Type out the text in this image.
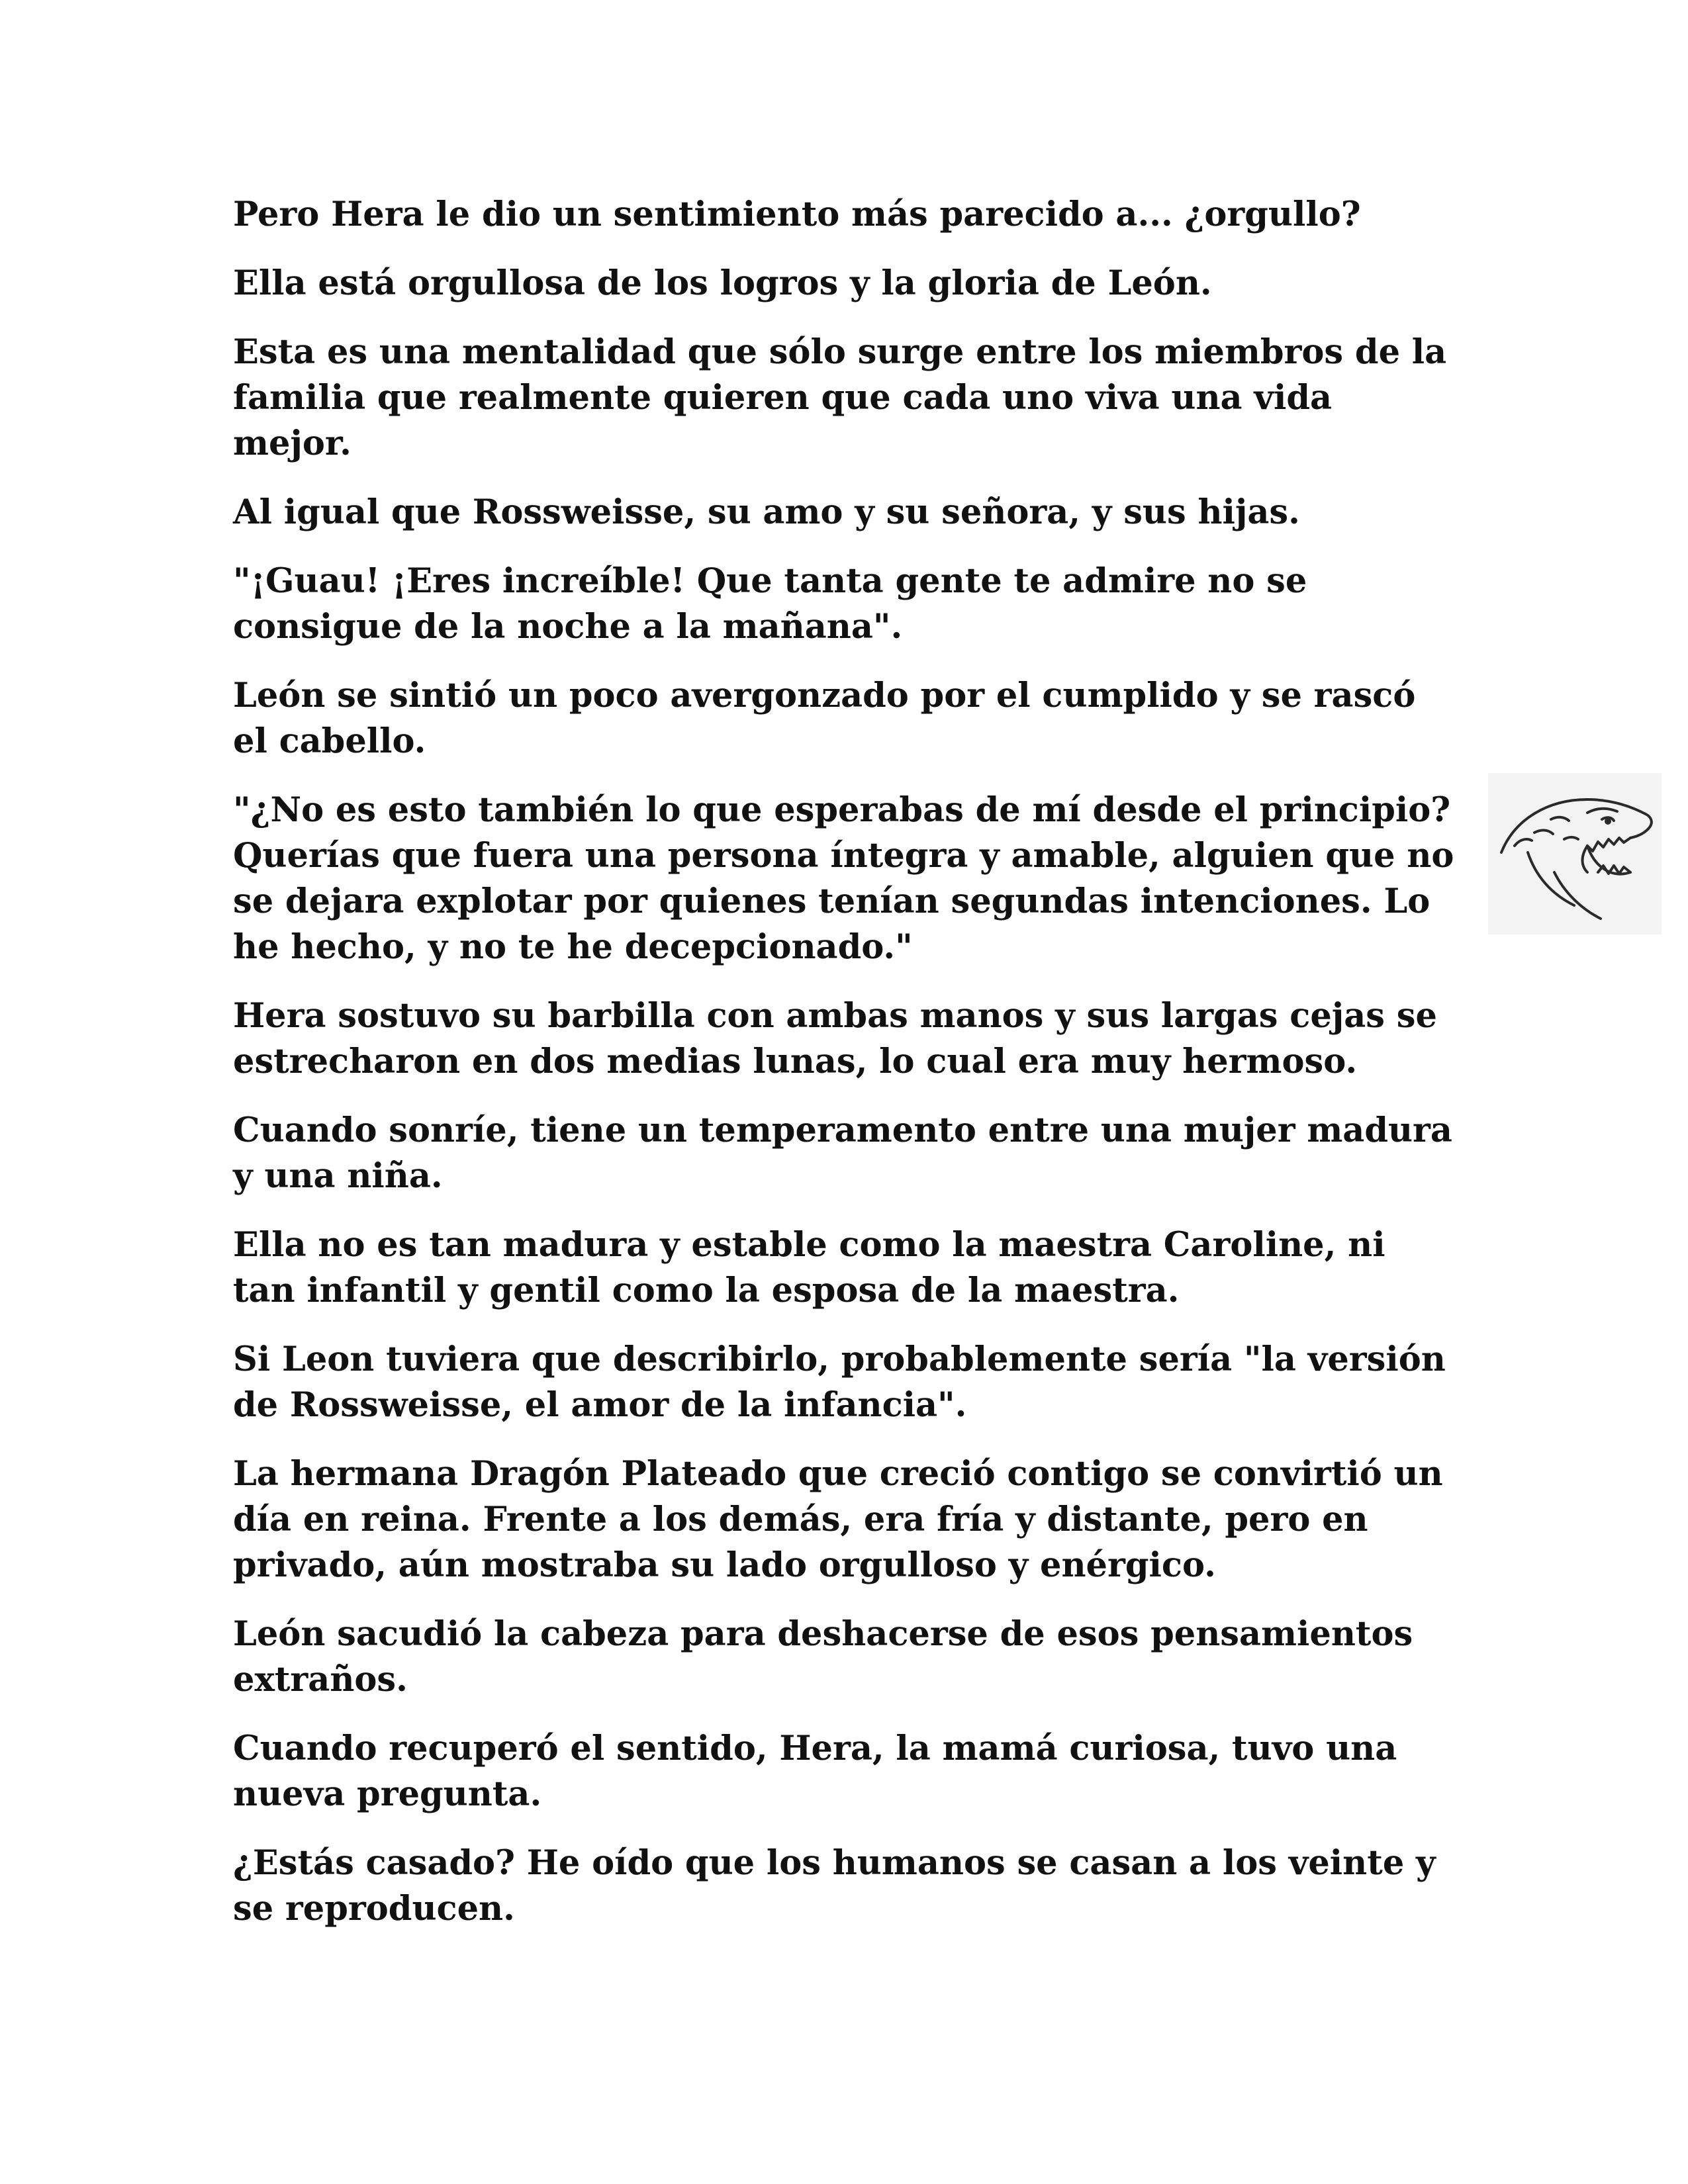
Pero Hera le dio un sentimiento más parecido a... ¿orgullo?

Ella está orgullosa de los logros y la gloria de León.

Esta es una mentalidad que sólo surge entre los miembros de la familia que realmente quieren que cada uno viva una vida mejor.

Al igual que Rossweisse, su amo y su señora, y sus hijas.

"¡Guau! ¡Eres increíble! Que tanta gente te admire no se consigue de la noche a la mañana".

León se sintió un poco avergonzado por el cumplido y se rascó el cabello.

"¿No es esto también lo que esperabas de mí desde el principio? Querías que fuera una persona íntegra y amable, alguien que no se dejara explotar por quienes tenían segundas intenciones. Lo he hecho, y no te he decepcionado."

Hera sostuvo su barbilla con ambas manos y sus largas cejas se estrecharon en dos medias lunas, lo cual era muy hermoso.

Cuando sonríe, tiene un temperamento entre una mujer madura y una niña.

Ella no es tan madura y estable como la maestra Caroline, ni tan infantil y gentil como la esposa de la maestra.

Si Leon tuviera que describirlo, probablemente sería "la versión de Rossweisse, el amor de la infancia".

La hermana Dragón Plateado que creció contigo se convirtió un día en reina. Frente a los demás, era fría y distante, pero en privado, aún mostraba su lado orgulloso y enérgico.

León sacudió la cabeza para deshacerse de esos pensamientos extraños.

Cuando recuperó el sentido, Hera, la mamá curiosa, tuvo una nueva pregunta.

¿Estás casado? He oído que los humanos se casan a los veinte y se reproducen.
